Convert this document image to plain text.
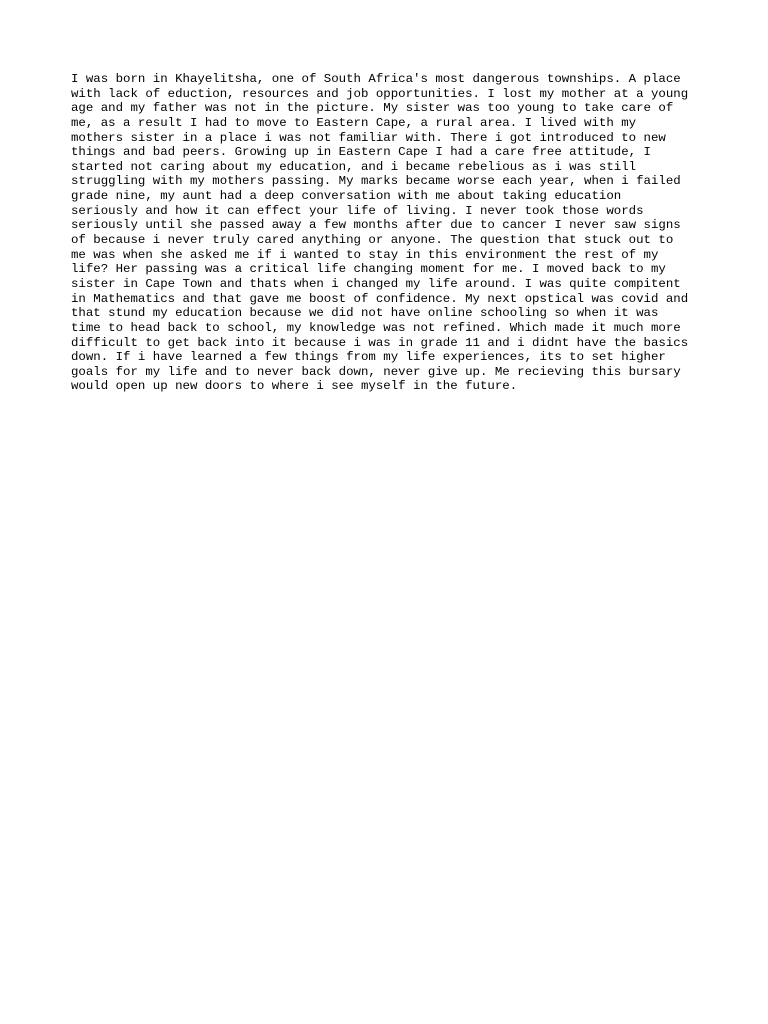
I was born in Khayelitsha, one of South Africa's most dangerous townships. A place
with lack of eduction, resources and job opportunities. I lost my mother at a young
age and my father was not in the picture. My sister was too young to take care of
me, as a result I had to move to Eastern Cape, a rural area. I lived with my
mothers sister in a place i was not familiar with. There i got introduced to new
things and bad peers. Growing up in Eastern Cape I had a care free attitude, I
started not caring about my education, and i became rebelious as i was still
struggling with my mothers passing. My marks became worse each year, when i failed
grade nine, my aunt had a deep conversation with me about taking education
seriously and how it can effect your life of living. I never took those words
seriously until she passed away a few months after due to cancer I never saw signs
of because i never truly cared anything or anyone. The question that stuck out to
me was when she asked me if i wanted to stay in this environment the rest of my
life? Her passing was a critical life changing moment for me. I moved back to my
sister in Cape Town and thats when i changed my life around. I was quite compitent
in Mathematics and that gave me boost of confidence. My next opstical was covid and
that stund my education because we did not have online schooling so when it was
time to head back to school, my knowledge was not refined. Which made it much more
difficult to get back into it because i was in grade 11 and i didnt have the basics
down. If i have learned a few things from my life experiences, its to set higher
goals for my life and to never back down, never give up. Me recieving this bursary
would open up new doors to where i see myself in the future.
